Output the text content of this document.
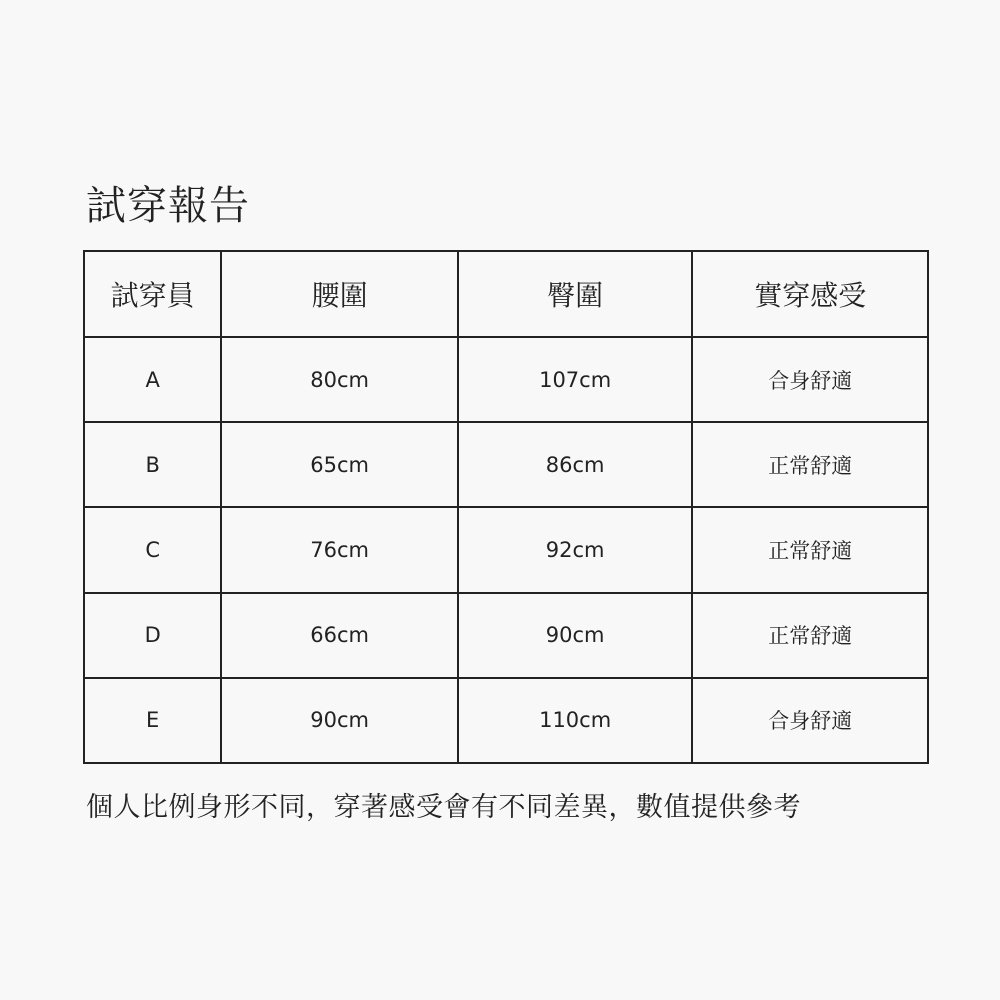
試穿報告
試穿員	腰圍	臀圍	實穿感受
A	80cm	107cm	合身舒適
B	65cm	86cm	正常舒適
C	76cm	92cm	正常舒適
D	66cm	90cm	正常舒適
E	90cm	110cm	合身舒適
個人比例身形不同，穿著感受會有不同差異，數值提供參考
